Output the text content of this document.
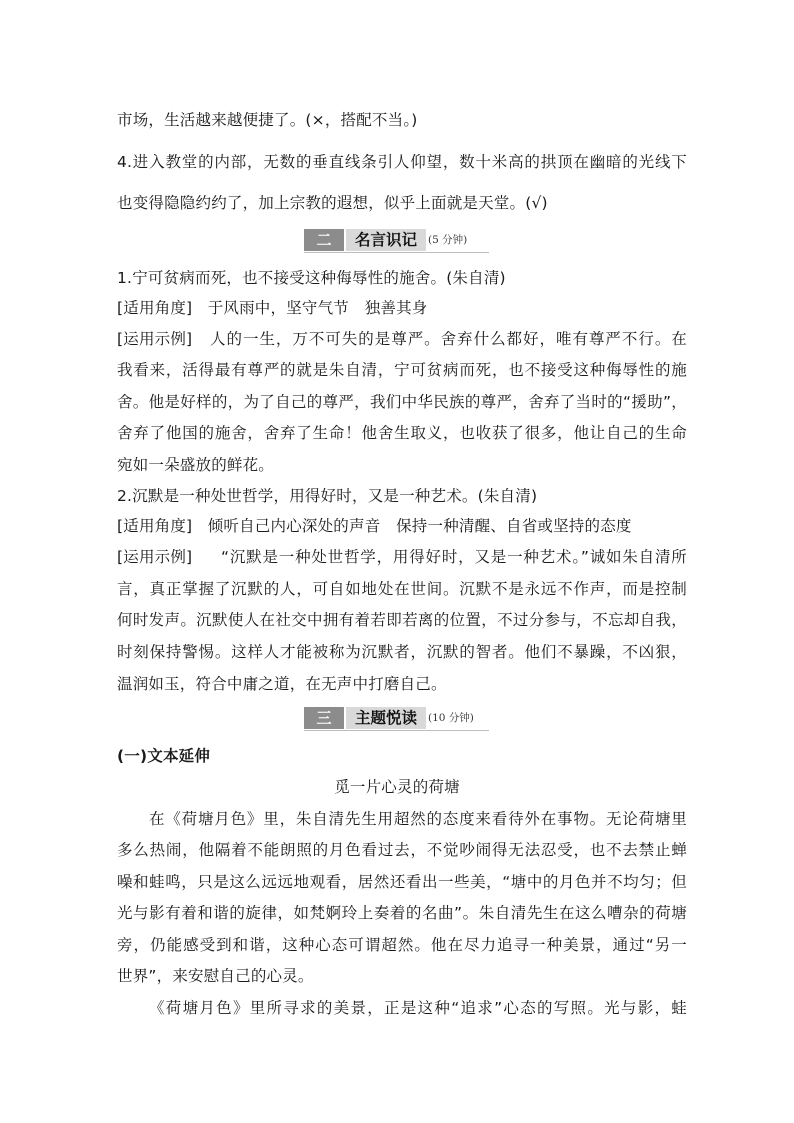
市场，生活越来越便捷了。(×，搭配不当。)
4.进入教堂的内部，无数的垂直线条引人仰望，数十米高的拱顶在幽暗的光线下
也变得隐隐约约了，加上宗教的遐想，似乎上面就是天堂。(√)
二	名言识记	(5 分钟)
1.宁可贫病而死，也不接受这种侮辱性的施舍。(朱自清)
[适用角度] 于风雨中，坚守气节　独善其身
[运用示例] 人的一生，万不可失的是尊严。舍弃什么都好，唯有尊严不行。在
我看来，活得最有尊严的就是朱自清，宁可贫病而死，也不接受这种侮辱性的施
舍。他是好样的，为了自己的尊严，我们中华民族的尊严，舍弃了当时的“援助”，
舍弃了他国的施舍，舍弃了生命！他舍生取义，也收获了很多，他让自己的生命
宛如一朵盛放的鲜花。
2.沉默是一种处世哲学，用得好时，又是一种艺术。(朱自清)
[适用角度] 倾听自己内心深处的声音　保持一种清醒、自省或坚持的态度
[运用示例] “沉默是一种处世哲学，用得好时，又是一种艺术。”诚如朱自清所
言，真正掌握了沉默的人，可自如地处在世间。沉默不是永远不作声，而是控制
何时发声。沉默使人在社交中拥有着若即若离的位置，不过分参与，不忘却自我，
时刻保持警惕。这样人才能被称为沉默者，沉默的智者。他们不暴躁，不凶狠，
温润如玉，符合中庸之道，在无声中打磨自己。
三	主题悦读	(10 分钟)
(一)文本延伸
觅一片心灵的荷塘
在《荷塘月色》里，朱自清先生用超然的态度来看待外在事物。无论荷塘里
多么热闹，他隔着不能朗照的月色看过去，不觉吵闹得无法忍受，也不去禁止蝉
噪和蛙鸣，只是这么远远地观看，居然还看出一些美，“塘中的月色并不均匀；但
光与影有着和谐的旋律，如梵婀玲上奏着的名曲”。朱自清先生在这么嘈杂的荷塘
旁，仍能感受到和谐，这种心态可谓超然。他在尽力追寻一种美景，通过“另一
世界”，来安慰自己的心灵。
《荷塘月色》里所寻求的美景，正是这种“追求”心态的写照。光与影，蛙
